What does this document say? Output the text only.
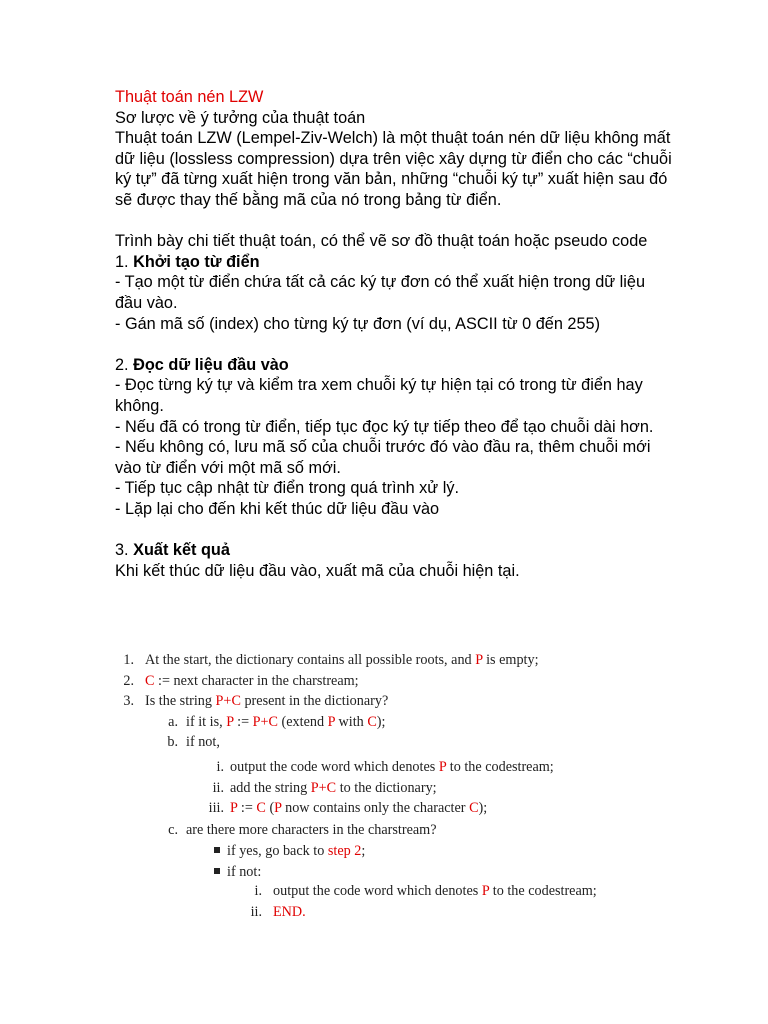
Thuật toán nén LZW

Sơ lược về ý tưởng của thuật toán

Thuật toán LZW (Lempel-Ziv-Welch) là một thuật toán nén dữ liệu không mất dữ liệu (lossless compression) dựa trên việc xây dựng từ điển cho các “chuỗi ký tự” đã từng xuất hiện trong văn bản, những “chuỗi ký tự” xuất hiện sau đó sẽ được thay thế bằng mã của nó trong bảng từ điển.

Trình bày chi tiết thuật toán, có thể vẽ sơ đồ thuật toán hoặc pseudo code

1. Khởi tạo từ điển

- Tạo một từ điển chứa tất cả các ký tự đơn có thể xuất hiện trong dữ liệu đầu vào.

- Gán mã số (index) cho từng ký tự đơn (ví dụ, ASCII từ 0 đến 255)

2. Đọc dữ liệu đầu vào

- Đọc từng ký tự và kiểm tra xem chuỗi ký tự hiện tại có trong từ điển hay không.

- Nếu đã có trong từ điển, tiếp tục đọc ký tự tiếp theo để tạo chuỗi dài hơn.

- Nếu không có, lưu mã số của chuỗi trước đó vào đầu ra, thêm chuỗi mới vào từ điển với một mã số mới.

- Tiếp tục cập nhật từ điển trong quá trình xử lý.

- Lặp lại cho đến khi kết thúc dữ liệu đầu vào

3. Xuất kết quả

Khi kết thúc dữ liệu đầu vào, xuất mã của chuỗi hiện tại.

1. At the start, the dictionary contains all possible roots, and P is empty;
2. C := next character in the charstream;
3. Is the string P+C present in the dictionary?
a. if it is, P := P+C (extend P with C);
b. if not,
i. output the code word which denotes P to the codestream;
ii. add the string P+C to the dictionary;
iii. P := C (P now contains only the character C);
c. are there more characters in the charstream?
if yes, go back to step 2;
if not:
i. output the code word which denotes P to the codestream;
ii. END.
